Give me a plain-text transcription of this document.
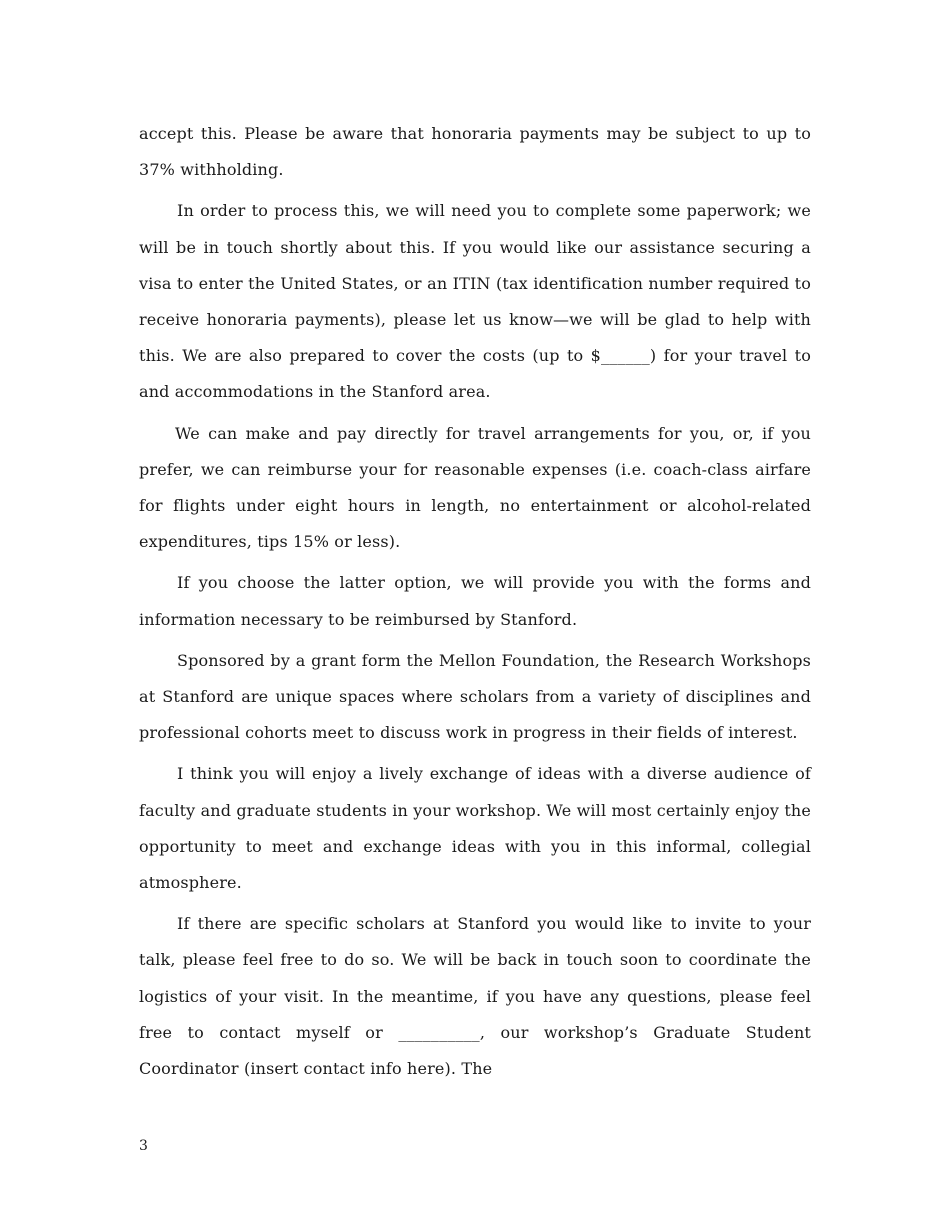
accept this. Please be aware that honoraria payments may be subject to up to 37% withholding.

In order to process this, we will need you to complete some paperwork; we will be in touch shortly about this. If you would like our assistance securing a visa to enter the United States, or an ITIN (tax identification number required to receive honoraria payments), please let us know—we will be glad to help with this. We are also prepared to cover the costs (up to $______) for your travel to and accommodations in the Stanford area.

We can make and pay directly for travel arrangements for you, or, if you prefer, we can reimburse your for reasonable expenses (i.e. coach-class airfare for flights under eight hours in length, no entertainment or alcohol-related expenditures, tips 15% or less).

If you choose the latter option, we will provide you with the forms and information necessary to be reimbursed by Stanford.

Sponsored by a grant form the Mellon Foundation, the Research Workshops at Stanford are unique spaces where scholars from a variety of disciplines and professional cohorts meet to discuss work in progress in their fields of interest.

I think you will enjoy a lively exchange of ideas with a diverse audience of faculty and graduate students in your workshop. We will most certainly enjoy the opportunity to meet and exchange ideas with you in this informal, collegial atmosphere.

If there are specific scholars at Stanford you would like to invite to your talk, please feel free to do so. We will be back in touch soon to coordinate the logistics of your visit. In the meantime, if you have any questions, please feel free to contact myself or __________, our workshop’s Graduate Student Coordinator (insert contact info here). The

3
